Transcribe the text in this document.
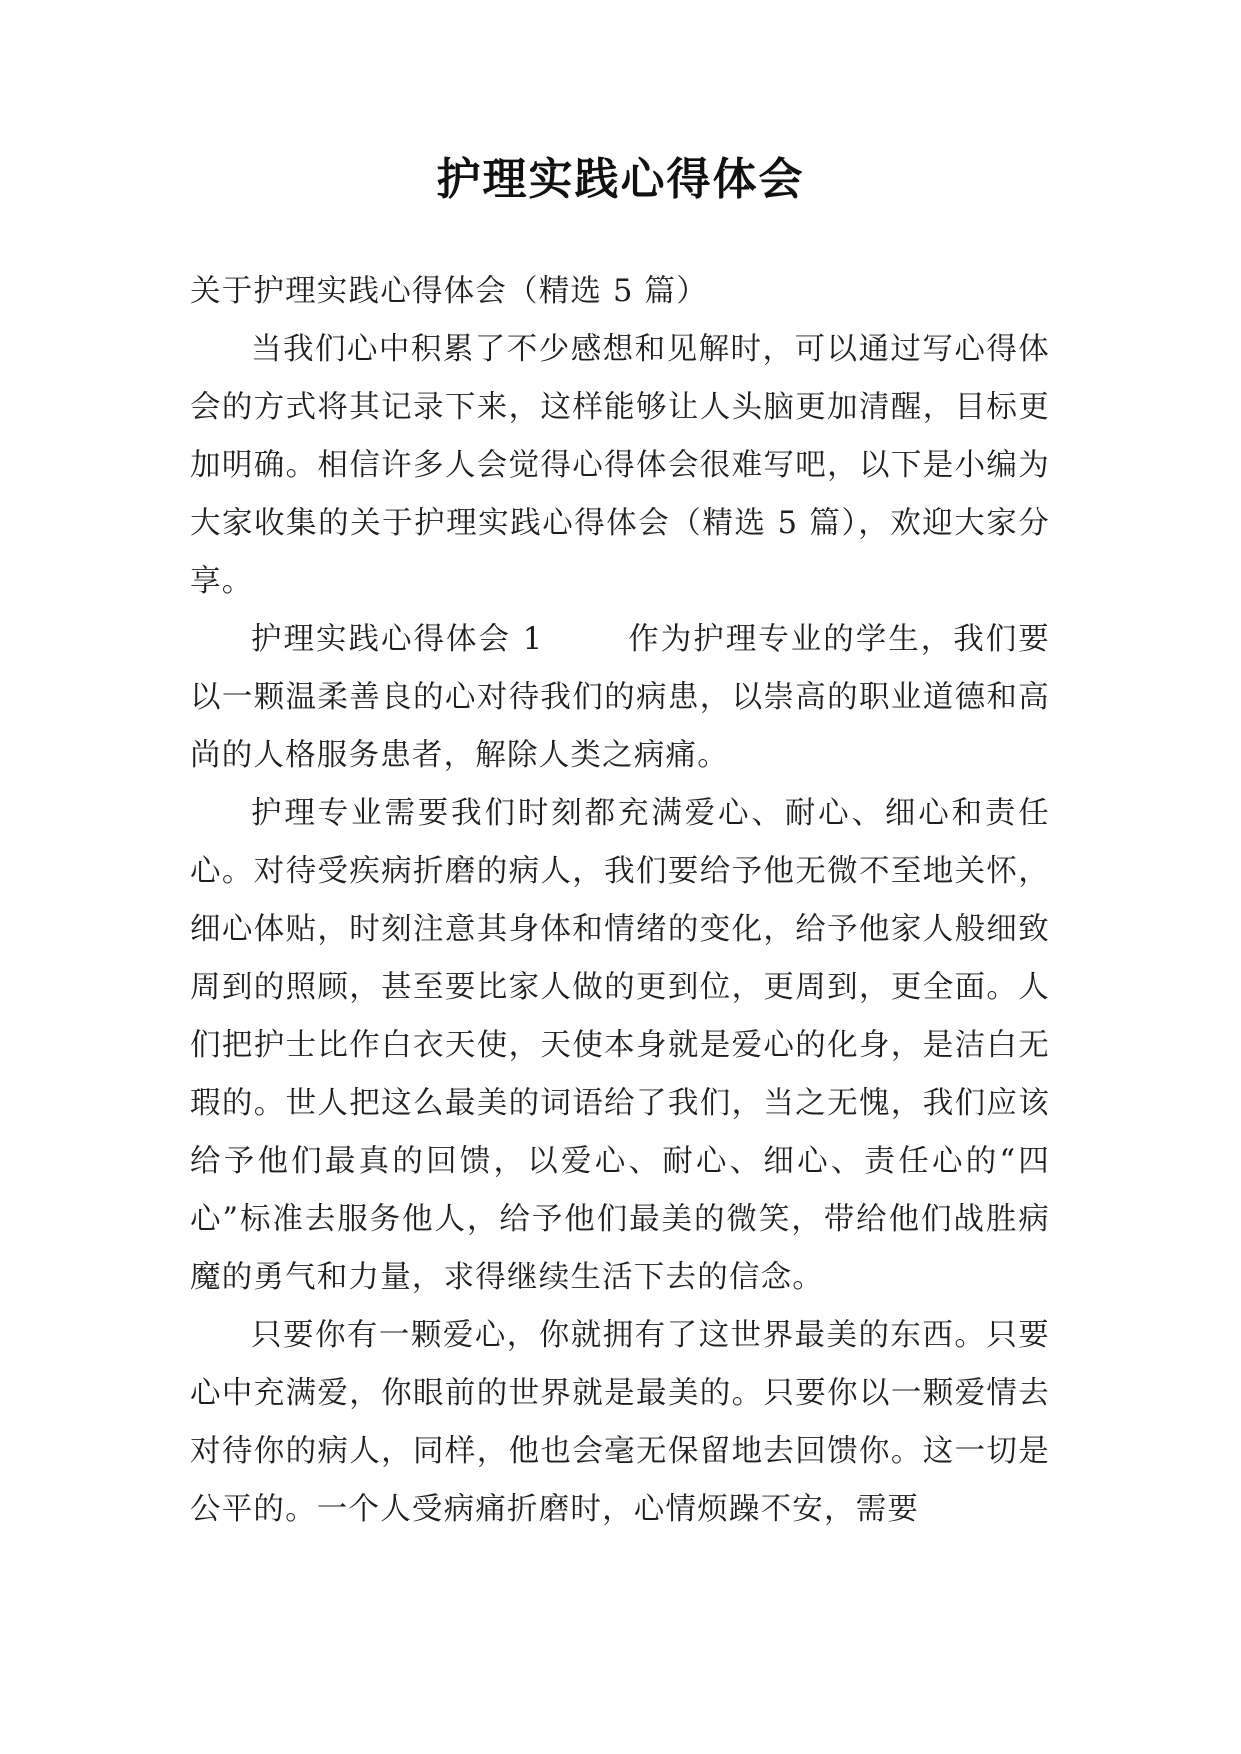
护理实践心得体会

关于护理实践心得体会（精选 5 篇）

当我们心中积累了不少感想和见解时，可以通过写心得体会的方式将其记录下来，这样能够让人头脑更加清醒，目标更加明确。相信许多人会觉得心得体会很难写吧，以下是小编为大家收集的关于护理实践心得体会（精选 5 篇），欢迎大家分享。

护理实践心得体会 1	作为护理专业的学生，我们要以一颗温柔善良的心对待我们的病患，以崇高的职业道德和高尚的人格服务患者，解除人类之病痛。

护理专业需要我们时刻都充满爱心、耐心、细心和责任心。对待受疾病折磨的病人，我们要给予他无微不至地关怀，细心体贴，时刻注意其身体和情绪的变化，给予他家人般细致周到的照顾，甚至要比家人做的更到位，更周到，更全面。人们把护士比作白衣天使，天使本身就是爱心的化身，是洁白无瑕的。世人把这么最美的词语给了我们，当之无愧，我们应该给予他们最真的回馈，以爱心、耐心、细心、责任心的“四心”标准去服务他人，给予他们最美的微笑，带给他们战胜病魔的勇气和力量，求得继续生活下去的信念。

只要你有一颗爱心，你就拥有了这世界最美的东西。只要心中充满爱，你眼前的世界就是最美的。只要你以一颗爱情去对待你的病人，同样，他也会毫无保留地去回馈你。这一切是公平的。一个人受病痛折磨时，心情烦躁不安，需要
